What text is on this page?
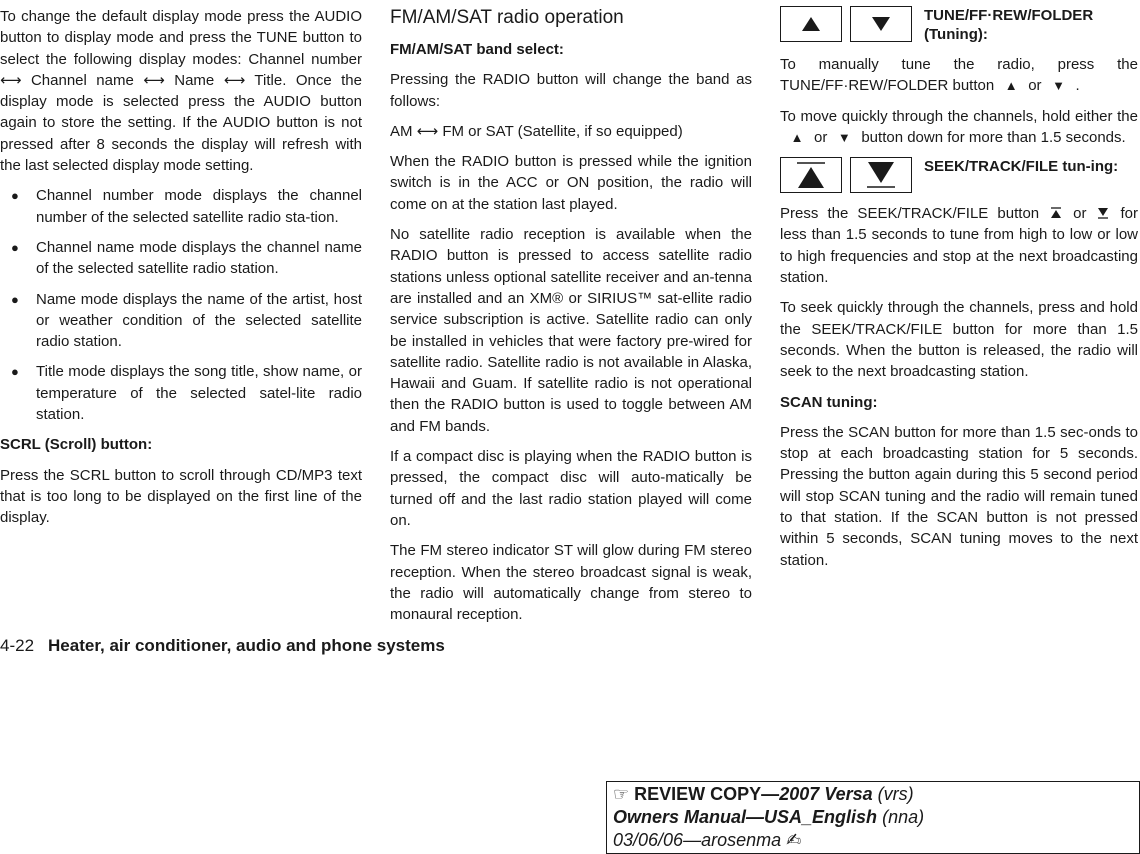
To change the default display mode press the AUDIO button to display mode and press the TUNE button to select the following display modes: Channel number ⟷ Channel name ⟷ Name ⟷ Title. Once the display mode is selected press the AUDIO button again to store the setting. If the AUDIO button is not pressed after 8 seconds the display will refresh with the last selected display mode setting.

● Channel number mode displays the channel number of the selected satellite radio sta-tion.
● Channel name mode displays the channel name of the selected satellite radio station.
● Name mode displays the name of the artist, host or weather condition of the selected satellite radio station.
● Title mode displays the song title, show name, or temperature of the selected satel-lite radio station.
SCRL (Scroll) button:

Press the SCRL button to scroll through CD/MP3 text that is too long to be displayed on the first line of the display.

FM/AM/SAT radio operation
FM/AM/SAT band select:

Pressing the RADIO button will change the band as follows:

AM ⟷ FM or SAT (Satellite, if so equipped)

When the RADIO button is pressed while the ignition switch is in the ACC or ON position, the radio will come on at the station last played.

No satellite radio reception is available when the RADIO button is pressed to access satellite radio stations unless optional satellite receiver and an-tenna are installed and an XM® or SIRIUS™ sat-ellite radio service subscription is active. Satellite radio can only be installed in vehicles that were factory pre-wired for satellite radio. Satellite radio is not available in Alaska, Hawaii and Guam. If satellite radio is not operational then the RADIO button is used to toggle between AM and FM bands.

If a compact disc is playing when the RADIO button is pressed, the compact disc will auto-matically be turned off and the last radio station played will come on.

The FM stereo indicator ST will glow during FM stereo reception. When the stereo broadcast signal is weak, the radio will automatically change from stereo to monaural reception.

TUNE/FF·REW/FOLDER (Tuning):

To manually tune the radio, press the TUNE/FF·REW/FOLDER button ▲ or ▼ .

To move quickly through the channels, hold either the▲ or ▼ button down for more than 1.5 seconds.

SEEK/TRACK/FILE tun-ing:

Press the SEEK/TRACK/FILE button or for less than 1.5 seconds to tune from high to low or low to high frequencies and stop at the next broadcasting station.

To seek quickly through the channels, press and hold the SEEK/TRACK/FILE button for more than 1.5 seconds. When the button is released, the radio will seek to the next broadcasting station.

SCAN tuning:

Press the SCAN button for more than 1.5 sec-onds to stop at each broadcasting station for 5 seconds. Pressing the button again during this 5 second period will stop SCAN tuning and the radio will remain tuned to that station. If the SCAN button is not pressed within 5 seconds, SCAN tuning moves to the next station.

4-22 Heater, air conditioner, audio and phone systems
☞ REVIEW COPY—2007 Versa (vrs)
Owners Manual—USA_English (nna)
03/06/06—arosenma ✍
